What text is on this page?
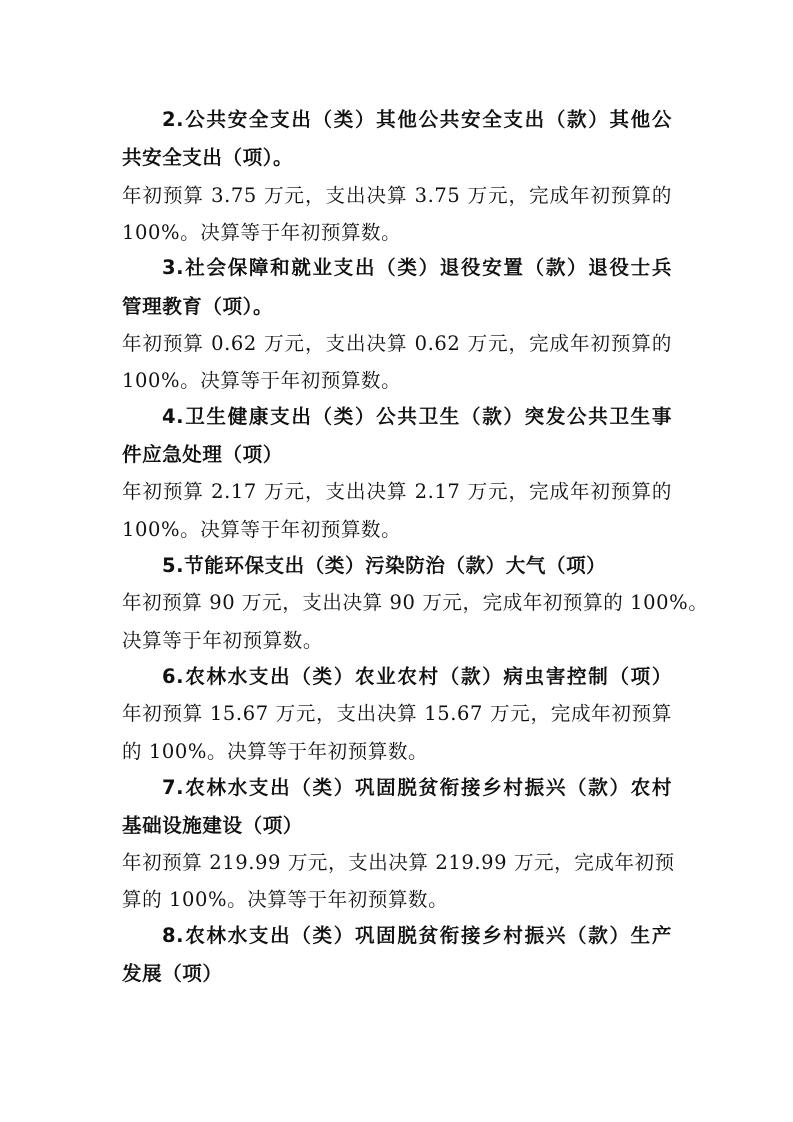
2.公共安全支出（类）其他公共安全支出（款）其他公
共安全支出（项）。
年初预算 3.75 万元，支出决算 3.75 万元，完成年初预算的
100%。决算等于年初预算数。
3.社会保障和就业支出（类）退役安置（款）退役士兵
管理教育（项）。
年初预算 0.62 万元，支出决算 0.62 万元，完成年初预算的
100%。决算等于年初预算数。
4.卫生健康支出（类）公共卫生（款）突发公共卫生事
件应急处理（项）
年初预算 2.17 万元，支出决算 2.17 万元，完成年初预算的
100%。决算等于年初预算数。
5.节能环保支出（类）污染防治（款）大气（项）
年初预算 90 万元，支出决算 90 万元，完成年初预算的 100%。
决算等于年初预算数。
6.农林水支出（类）农业农村（款）病虫害控制（项）
年初预算 15.67 万元，支出决算 15.67 万元，完成年初预算
的 100%。决算等于年初预算数。
7.农林水支出（类）巩固脱贫衔接乡村振兴（款）农村
基础设施建设（项）
年初预算 219.99 万元，支出决算 219.99 万元，完成年初预
算的 100%。决算等于年初预算数。
8.农林水支出（类）巩固脱贫衔接乡村振兴（款）生产
发展（项）
